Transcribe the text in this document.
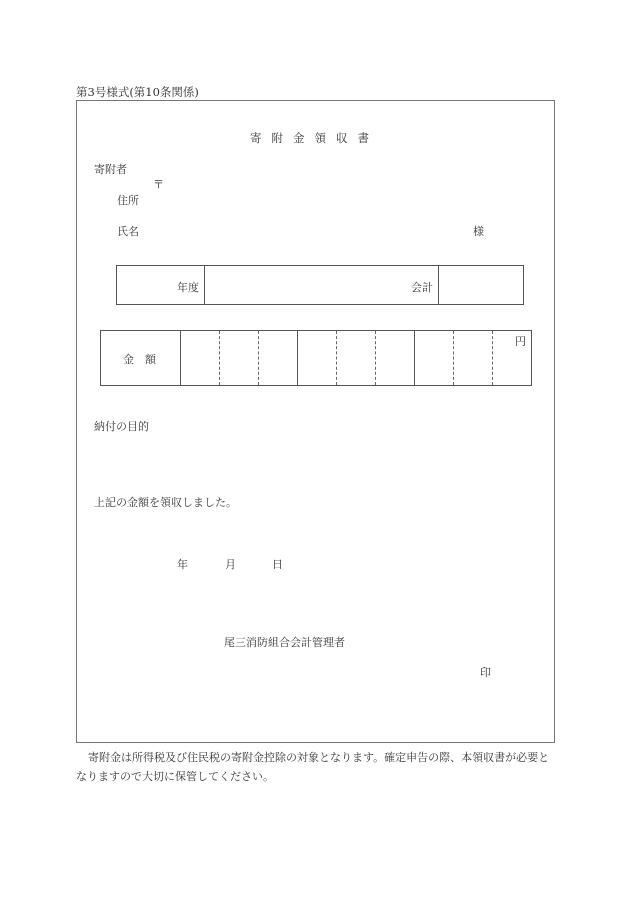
第3号様式(第10条関係)
寄附金領収書
寄附者
〒
住所
氏名	様
年度	会計
金額
円
納付の目的
上記の金額を領収しました。
年	月	日
尾三消防組合会計管理者
印
寄附金は所得税及び住民税の寄附金控除の対象となります。確定申告の際、本領収書が必要となりますので大切に保管してください。
